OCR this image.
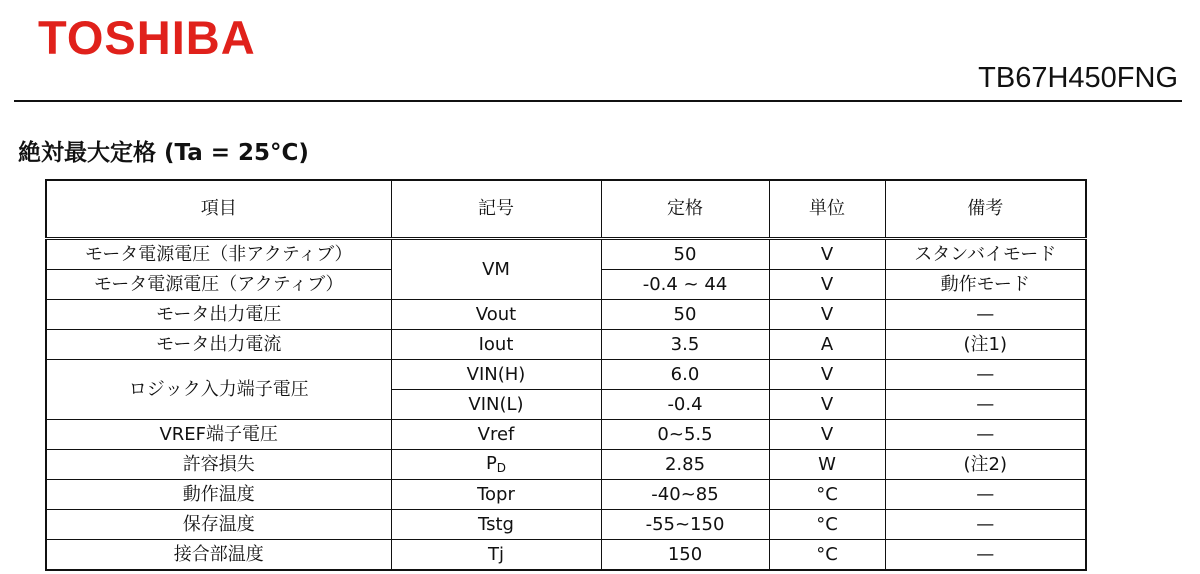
TOSHIBA
TB67H450FNG
絶対最大定格 (Ta = 25°C)
項目	記号	定格	単位	備考
モータ電源電圧（非アクティブ）	VM	50	V	スタンバイモード
モータ電源電圧（アクティブ）		-0.4 ~ 44	V	動作モード
モータ出力電圧	Vout	50	V	—
モータ出力電流	Iout	3.5	A	(注1)
ロジック入力端子電圧	VIN(H)	6.0	V	—
	VIN(L)	-0.4	V	—
VREF端子電圧	Vref	0~5.5	V	—
許容損失	PD	2.85	W	(注2)
動作温度	Topr	-40~85	°C	—
保存温度	Tstg	-55~150	°C	—
接合部温度	Tj	150	°C	—
